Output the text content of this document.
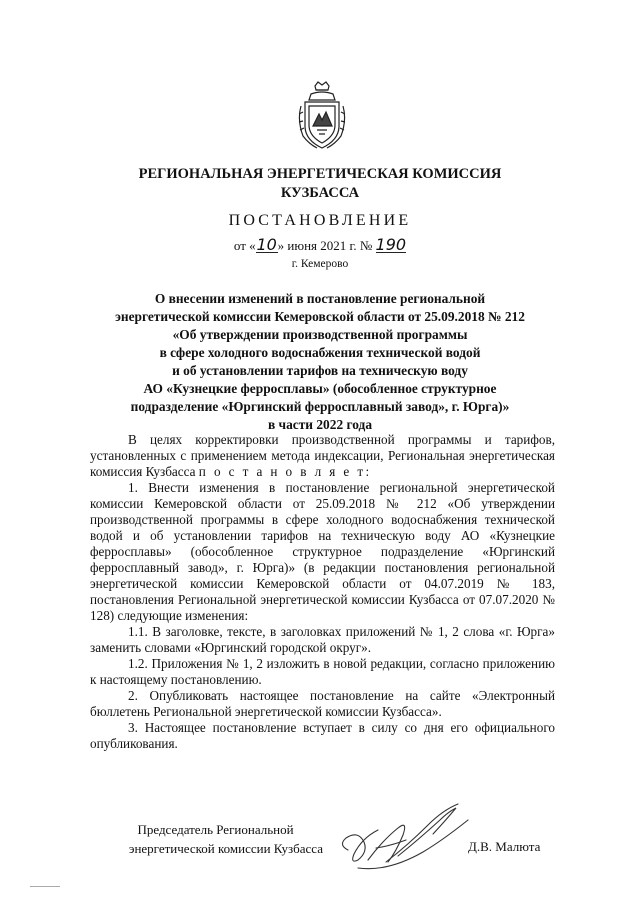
РЕГИОНАЛЬНАЯ ЭНЕРГЕТИЧЕСКАЯ КОМИССИЯ
КУЗБАССА
ПОСТАНОВЛЕНИЕ
от «10» июня 2021 г. № 190
г. Кемерово
О внесении изменений в постановление региональной
энергетической комиссии Кемеровской области от 25.09.2018 № 212
«Об утверждении производственной программы
в сфере холодного водоснабжения технической водой
и об установлении тарифов на техническую воду
АО «Кузнецкие ферросплавы» (обособленное структурное
подразделение «Юргинский ферросплавный завод», г. Юрга)»
в части 2022 года

В целях корректировки производственной программы и тарифов, установленных с применением метода индексации, Региональная энергетическая комиссия Кузбасса п о с т а н о в л я е т:

1. Внести изменения в постановление региональной энергетической комиссии Кемеровской области от 25.09.2018 № 212 «Об утверждении производственной программы в сфере холодного водоснабжения технической водой и об установлении тарифов на техническую воду АО «Кузнецкие ферросплавы» (обособленное структурное подразделение «Юргинский ферросплавный завод», г. Юрга)» (в редакции постановления региональной энергетической комиссии Кемеровской области от 04.07.2019 № 183, постановления Региональной энергетической комиссии Кузбасса от 07.07.2020 № 128) следующие изменения:

1.1. В заголовке, тексте, в заголовках приложений № 1, 2 слова «г. Юрга» заменить словами «Юргинский городской округ».

1.2. Приложения № 1, 2 изложить в новой редакции, согласно приложению к настоящему постановлению.

2. Опубликовать настоящее постановление на сайте «Электронный бюллетень Региональной энергетической комиссии Кузбасса».

3. Настоящее постановление вступает в силу со дня его официального опубликования.

Председатель Региональной
энергетической комиссии Кузбасса	Д.В. Малюта
